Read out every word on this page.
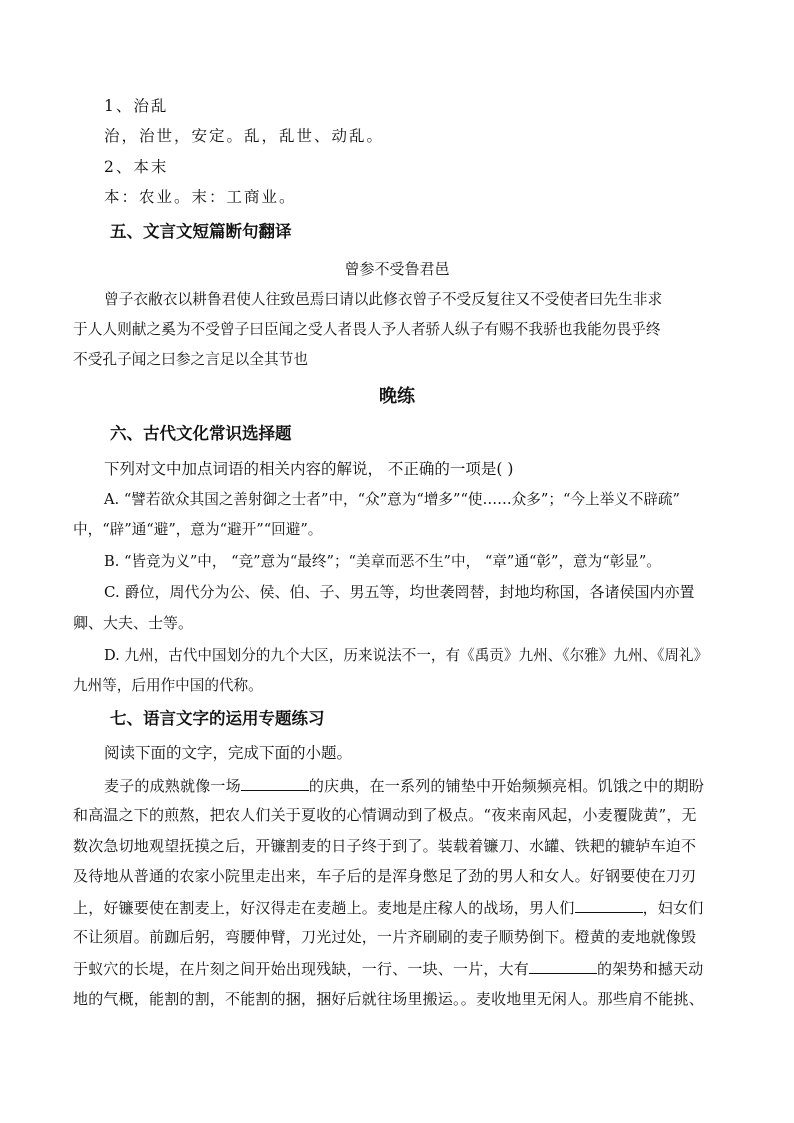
1、治乱
治，治世，安定。乱，乱世、动乱。
2、本末
本：农业。末：工商业。
五、文言文短篇断句翻译
曾参不受鲁君邑
曾子衣敝衣以耕鲁君使人往致邑焉曰请以此修衣曾子不受反复往又不受使者曰先生非求
于人人则献之奚为不受曾子曰臣闻之受人者畏人予人者骄人纵子有赐不我骄也我能勿畏乎终
不受孔子闻之曰参之言足以全其节也
晚练
六、古代文化常识选择题
下列对文中加点词语的相关内容的解说， 不正确的一项是( )
A. “譬若欲众其国之善射御之士者”中，“众”意为“增多”“使……众多”；“今上举义不辟疏”
中，“辟”通“避”，意为“避开”“回避”。
B. “皆竞为义”中， “竞”意为“最终”；“美章而恶不生”中， “章”通“彰”，意为“彰显”。
C. 爵位，周代分为公、侯、伯、子、男五等，均世袭罔替，封地均称国，各诸侯国内亦置
卿、大夫、士等。
D. 九州，古代中国划分的九个大区，历来说法不一，有《禹贡》九州、《尔雅》九州、《周礼》
九州等，后用作中国的代称。
七、语言文字的运用专题练习
阅读下面的文字，完成下面的小题。
麦子的成熟就像一场	的庆典，在一系列的铺垫中开始频频亮相。饥饿之中的期盼
和高温之下的煎熬，把农人们关于夏收的心情调动到了极点。“夜来南风起，小麦覆陇黄”，无
数次急切地观望抚摸之后，开镰割麦的日子终于到了。装载着镰刀、水罐、铁耙的辘轳车迫不
及待地从普通的农家小院里走出来，车子后的是浑身憋足了劲的男人和女人。好钢要使在刀刃
上，好镰要使在割麦上，好汉得走在麦趟上。麦地是庄稼人的战场，男人们	，妇女们
不让须眉。前跏后躬，弯腰伸臂，刀光过处，一片齐刷刷的麦子顺势倒下。橙黄的麦地就像毁
于蚁穴的长堤，在片刻之间开始出现残缺，一行、一块、一片，大有	的架势和撼天动
地的气概，能割的割，不能割的捆，捆好后就往场里搬运。。麦收地里无闲人。那些肩不能挑、
